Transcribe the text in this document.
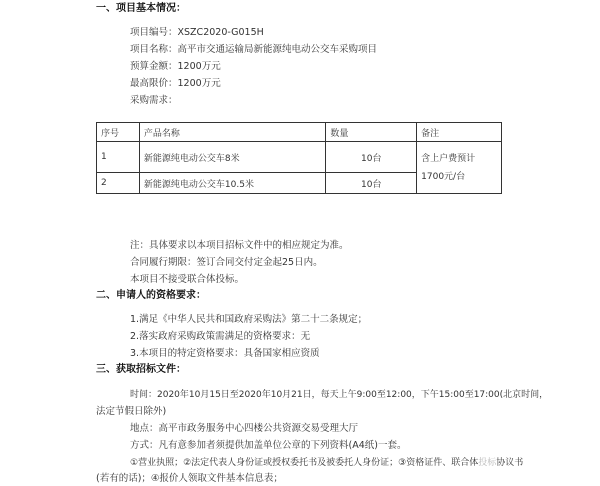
一、项目基本情况：
项目编号：XSZC2020-G015H
项目名称：高平市交通运输局新能源纯电动公交车采购项目
预算金额：1200万元
最高限价：1200万元
采购需求：
序号	产品名称	数量	备注
1	新能源纯电动公交车8米	10台	含上户费预计1700元/台
2	新能源纯电动公交车10.5米	10台	
注：具体要求以本项目招标文件中的相应规定为准。
合同履行期限：签订合同交付定金起25日内。
本项目不接受联合体投标。
二、申请人的资格要求：
1.满足《中华人民共和国政府采购法》第二十二条规定；
2.落实政府采购政策需满足的资格要求：无
3.本项目的特定资格要求：具备国家相应资质
三、获取招标文件：
时间：2020年10月15日至2020年10月21日，每天上午9:00至12:00，下午15:00至17:00(北京时间，
法定节假日除外)
地点：高平市政务服务中心四楼公共资源交易受理大厅
方式：凡有意参加者须提供加盖单位公章的下列资料(A4纸)一套。
①营业执照；②法定代表人身份证或授权委托书及被委托人身份证；③资格证件、联合体投标协议书
(若有的话)；④报价人领取文件基本信息表；
